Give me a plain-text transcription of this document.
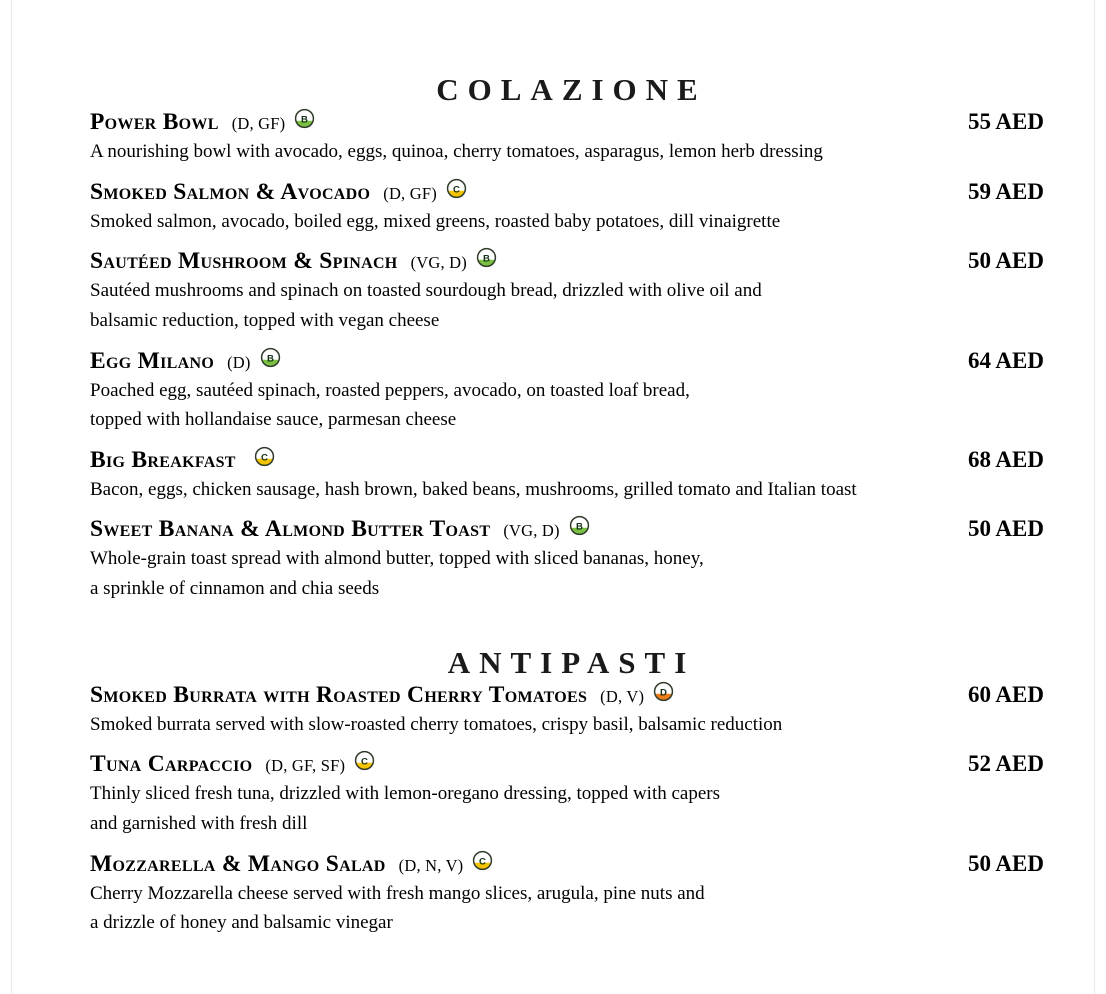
COLAZIONE
Power Bowl (D, GF) B	55 AED

A nourishing bowl with avocado, eggs, quinoa, cherry tomatoes, asparagus, lemon herb dressing

Smoked Salmon & Avocado (D, GF) C	59 AED

Smoked salmon, avocado, boiled egg, mixed greens, roasted baby potatoes, dill vinaigrette

Sautéed Mushroom & Spinach (VG, D) B	50 AED

Sautéed mushrooms and spinach on toasted sourdough bread, drizzled with olive oil and
balsamic reduction, topped with vegan cheese

Egg Milano (D) B	64 AED

Poached egg, sautéed spinach, roasted peppers, avocado, on toasted loaf bread,
topped with hollandaise sauce, parmesan cheese

Big Breakfast C	68 AED

Bacon, eggs, chicken sausage, hash brown, baked beans, mushrooms, grilled tomato and Italian toast

Sweet Banana & Almond Butter Toast (VG, D) B	50 AED

Whole-grain toast spread with almond butter, topped with sliced bananas, honey,
a sprinkle of cinnamon and chia seeds

ANTIPASTI
Smoked Burrata with Roasted Cherry Tomatoes (D, V) D	60 AED

Smoked burrata served with slow-roasted cherry tomatoes, crispy basil, balsamic reduction

Tuna Carpaccio (D, GF, SF) C	52 AED

Thinly sliced fresh tuna, drizzled with lemon-oregano dressing, topped with capers
and garnished with fresh dill

Mozzarella & Mango Salad (D, N, V) C	50 AED

Cherry Mozzarella cheese served with fresh mango slices, arugula, pine nuts and
a drizzle of honey and balsamic vinegar
